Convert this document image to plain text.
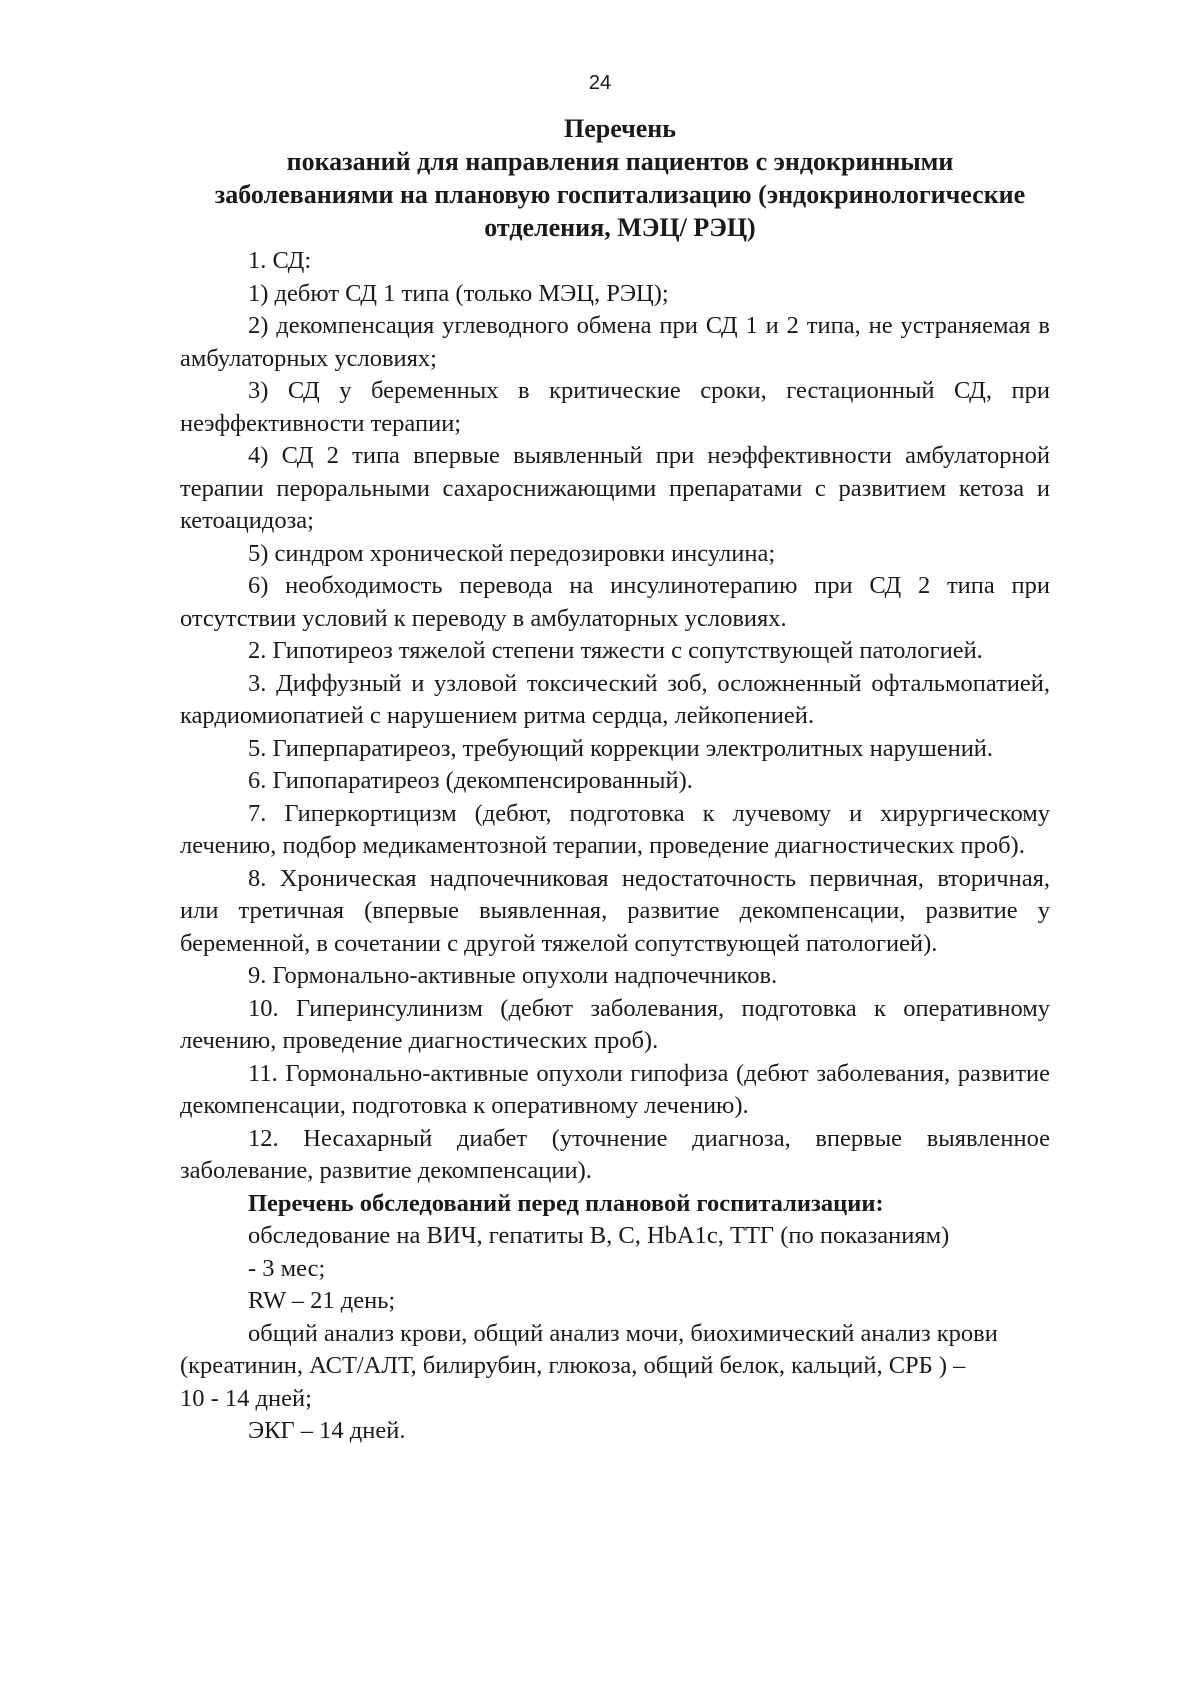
24
Перечень
показаний для направления пациентов с эндокринными
заболеваниями на плановую госпитализацию (эндокринологические
отделения, МЭЦ/ РЭЦ)

1. СД:

1) дебют СД 1 типа (только МЭЦ, РЭЦ);

2) декомпенсация углеводного обмена при СД 1 и 2 типа, не устраняемая в амбулаторных условиях;

3) СД у беременных в критические сроки, гестационный СД, при неэффективности терапии;

4) СД 2 типа впервые выявленный при неэффективности амбулаторной терапии пероральными сахароснижающими препаратами с развитием кетоза и кетоацидоза;

5) синдром хронической передозировки инсулина;

6) необходимость перевода на инсулинотерапию при СД 2 типа при отсутствии условий к переводу в амбулаторных условиях.

2. Гипотиреоз тяжелой степени тяжести с сопутствующей патологией.

3. Диффузный и узловой токсический зоб, осложненный офтальмопатией, кардиомиопатией с нарушением ритма сердца, лейкопенией.

5. Гиперпаратиреоз, требующий коррекции электролитных нарушений.

6. Гипопаратиреоз (декомпенсированный).

7. Гиперкортицизм (дебют, подготовка к лучевому и хирургическому лечению, подбор медикаментозной терапии, проведение диагностических проб).

8. Хроническая надпочечниковая недостаточность первичная, вторичная, или третичная (впервые выявленная, развитие декомпенсации, развитие у беременной, в сочетании с другой тяжелой сопутствующей патологией).

9. Гормонально-активные опухоли надпочечников.

10. Гиперинсулинизм (дебют заболевания, подготовка к оперативному лечению, проведение диагностических проб).

11. Гормонально-активные опухоли гипофиза (дебют заболевания, развитие декомпенсации, подготовка к оперативному лечению).

12. Несахарный диабет (уточнение диагноза, впервые выявленное заболевание, развитие декомпенсации).

Перечень обследований перед плановой госпитализации:

обследование на ВИЧ, гепатиты В, С, HbA1c, ТТГ (по показаниям)

- 3 мес;

RW – 21 день;

общий анализ крови, общий анализ мочи, биохимический анализ крови

(креатинин, АСТ/АЛТ, билирубин, глюкоза, общий белок, кальций, СРБ ) –

10 - 14 дней;

ЭКГ – 14 дней.
